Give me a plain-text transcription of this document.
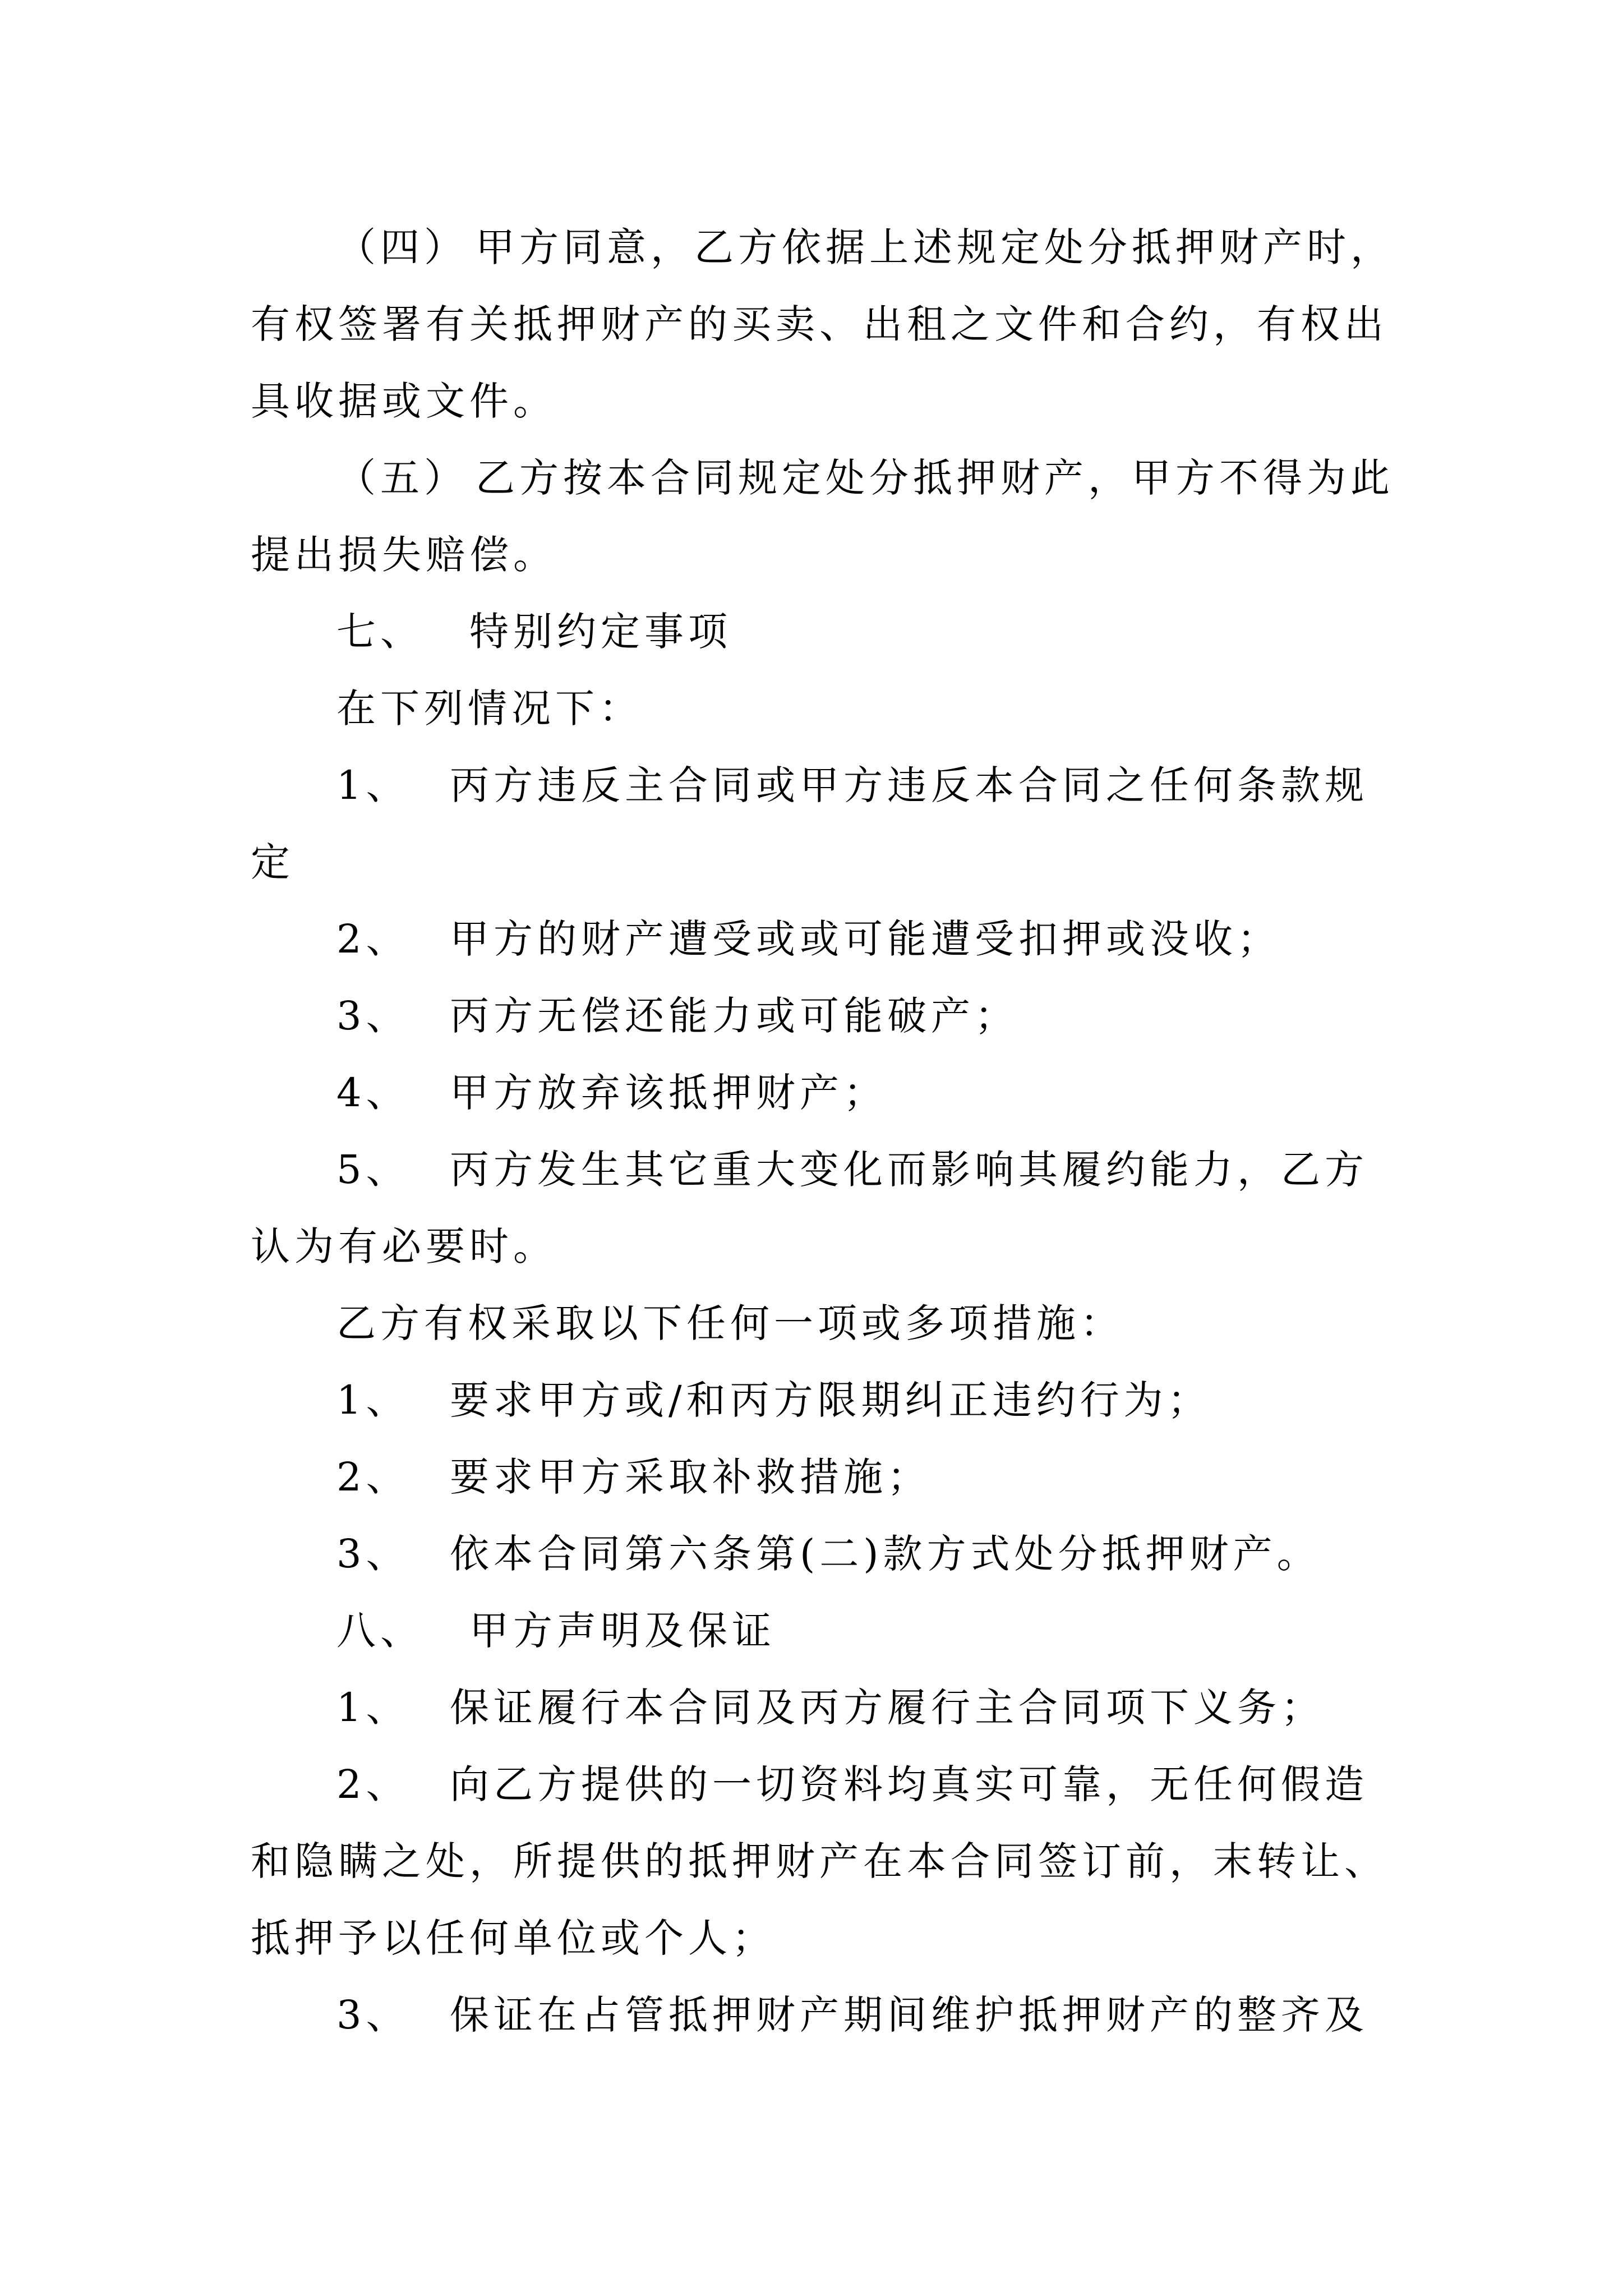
（四） 甲方同意，乙方依据上述规定处分抵押财产时，
有权签署有关抵押财产的买卖、出租之文件和合约，有权出
具收据或文件。
（五） 乙方按本合同规定处分抵押财产，甲方不得为此
提出损失赔偿。
七、 特别约定事项
在下列情况下：
1、 丙方违反主合同或甲方违反本合同之任何条款规
定
2、 甲方的财产遭受或或可能遭受扣押或没收；
3、 丙方无偿还能力或可能破产；
4、 甲方放弃该抵押财产；
5、 丙方发生其它重大变化而影响其履约能力，乙方
认为有必要时。
乙方有权采取以下任何一项或多项措施：
1、 要求甲方或/和丙方限期纠正违约行为；
2、 要求甲方采取补救措施；
3、 依本合同第六条第(二)款方式处分抵押财产。
八、 甲方声明及保证
1、 保证履行本合同及丙方履行主合同项下义务；
2、 向乙方提供的一切资料均真实可靠，无任何假造
和隐瞒之处，所提供的抵押财产在本合同签订前，末转让、
抵押予以任何单位或个人；
3、 保证在占管抵押财产期间维护抵押财产的整齐及
